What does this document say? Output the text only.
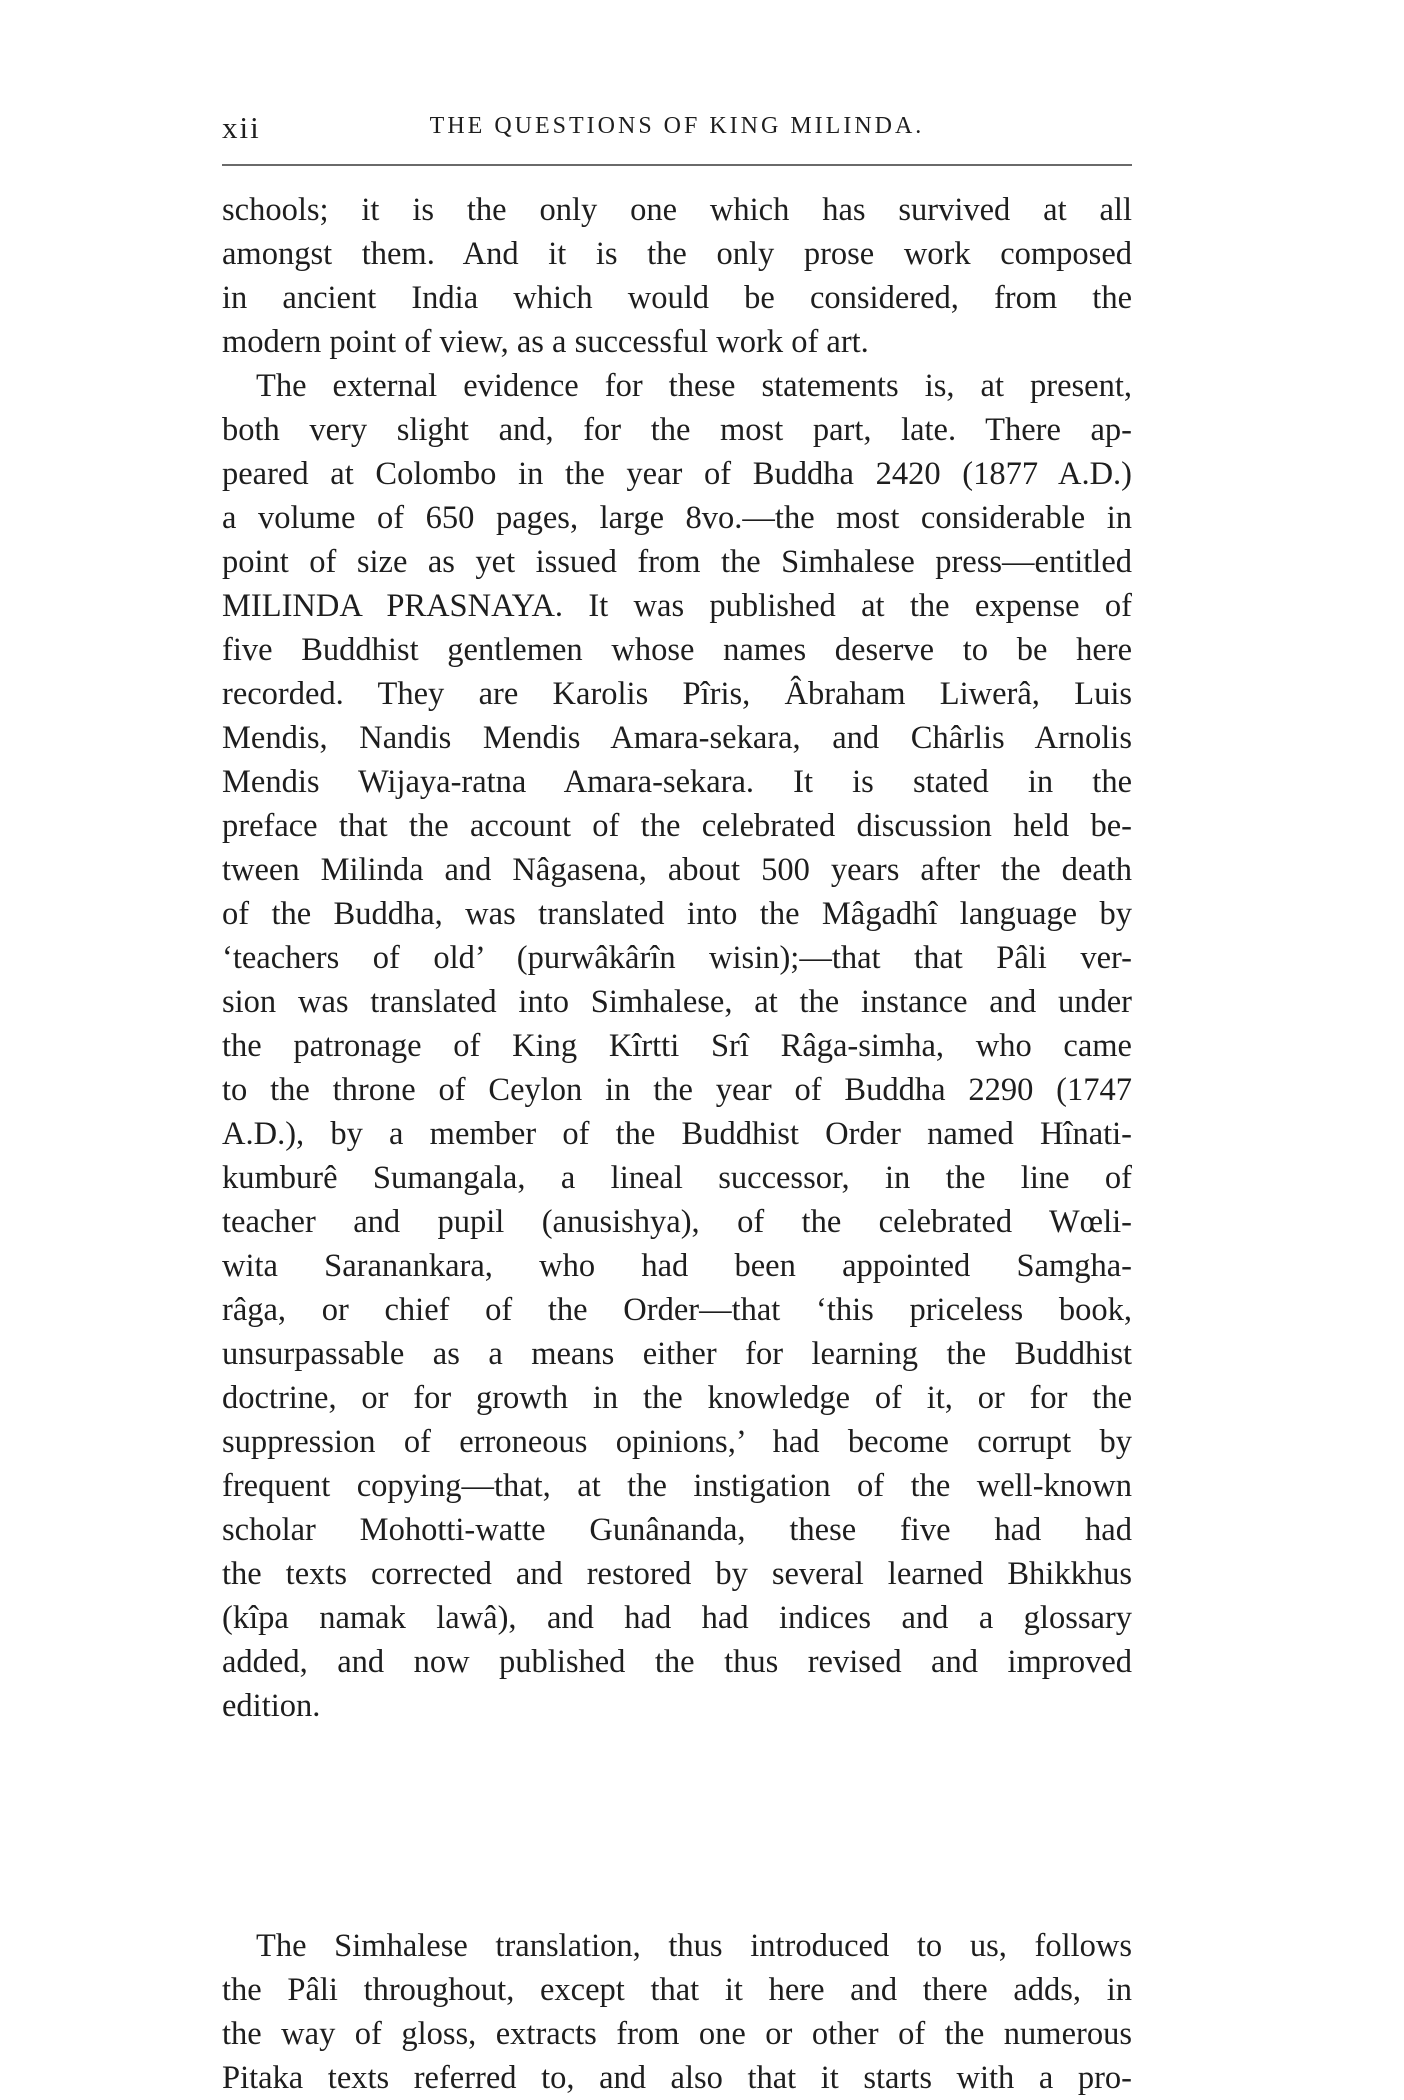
xii	THE QUESTIONS OF KING MILINDA.
schools; it is the only one which has survived at all
amongst them. And it is the only prose work composed
in ancient India which would be considered, from the
modern point of view, as a successful work of art.
The external evidence for these statements is, at present,
both very slight and, for the most part, late. There ap-
peared at Colombo in the year of Buddha 2420 (1877 A.D.)
a volume of 650 pages, large 8vo.—the most considerable in
point of size as yet issued from the Simhalese press—entitled
MILINDA PRASNAYA. It was published at the expense of
five Buddhist gentlemen whose names deserve to be here
recorded. They are Karolis Pîris, Âbraham Liwerâ, Luis
Mendis, Nandis Mendis Amara-sekara, and Chârlis Arnolis
Mendis Wijaya-ratna Amara-sekara. It is stated in the
preface that the account of the celebrated discussion held be-
tween Milinda and Nâgasena, about 500 years after the death
of the Buddha, was translated into the Mâgadhî language by
‘teachers of old’ (purwâkârîn wisin);—that that Pâli ver-
sion was translated into Simhalese, at the instance and under
the patronage of King Kîrtti Srî Râga-simha, who came
to the throne of Ceylon in the year of Buddha 2290 (1747
A.D.), by a member of the Buddhist Order named Hînati-
kumburê Sumangala, a lineal successor, in the line of
teacher and pupil (anusishya), of the celebrated Wœli-
wita Saranankara, who had been appointed Samgha-
râga, or chief of the Order—that ‘this priceless book,
unsurpassable as a means either for learning the Buddhist
doctrine, or for growth in the knowledge of it, or for the
suppression of erroneous opinions,’ had become corrupt by
frequent copying—that, at the instigation of the well-known
scholar Mohotti-watte Gunânanda, these five had had
the texts corrected and restored by several learned Bhikkhus
(kîpa namak lawâ), and had had indices and a glossary
added, and now published the thus revised and improved
edition.
The Simhalese translation, thus introduced to us, follows
the Pâli throughout, except that it here and there adds, in
the way of gloss, extracts from one or other of the numerous
Pitaka texts referred to, and also that it starts with a pro-
